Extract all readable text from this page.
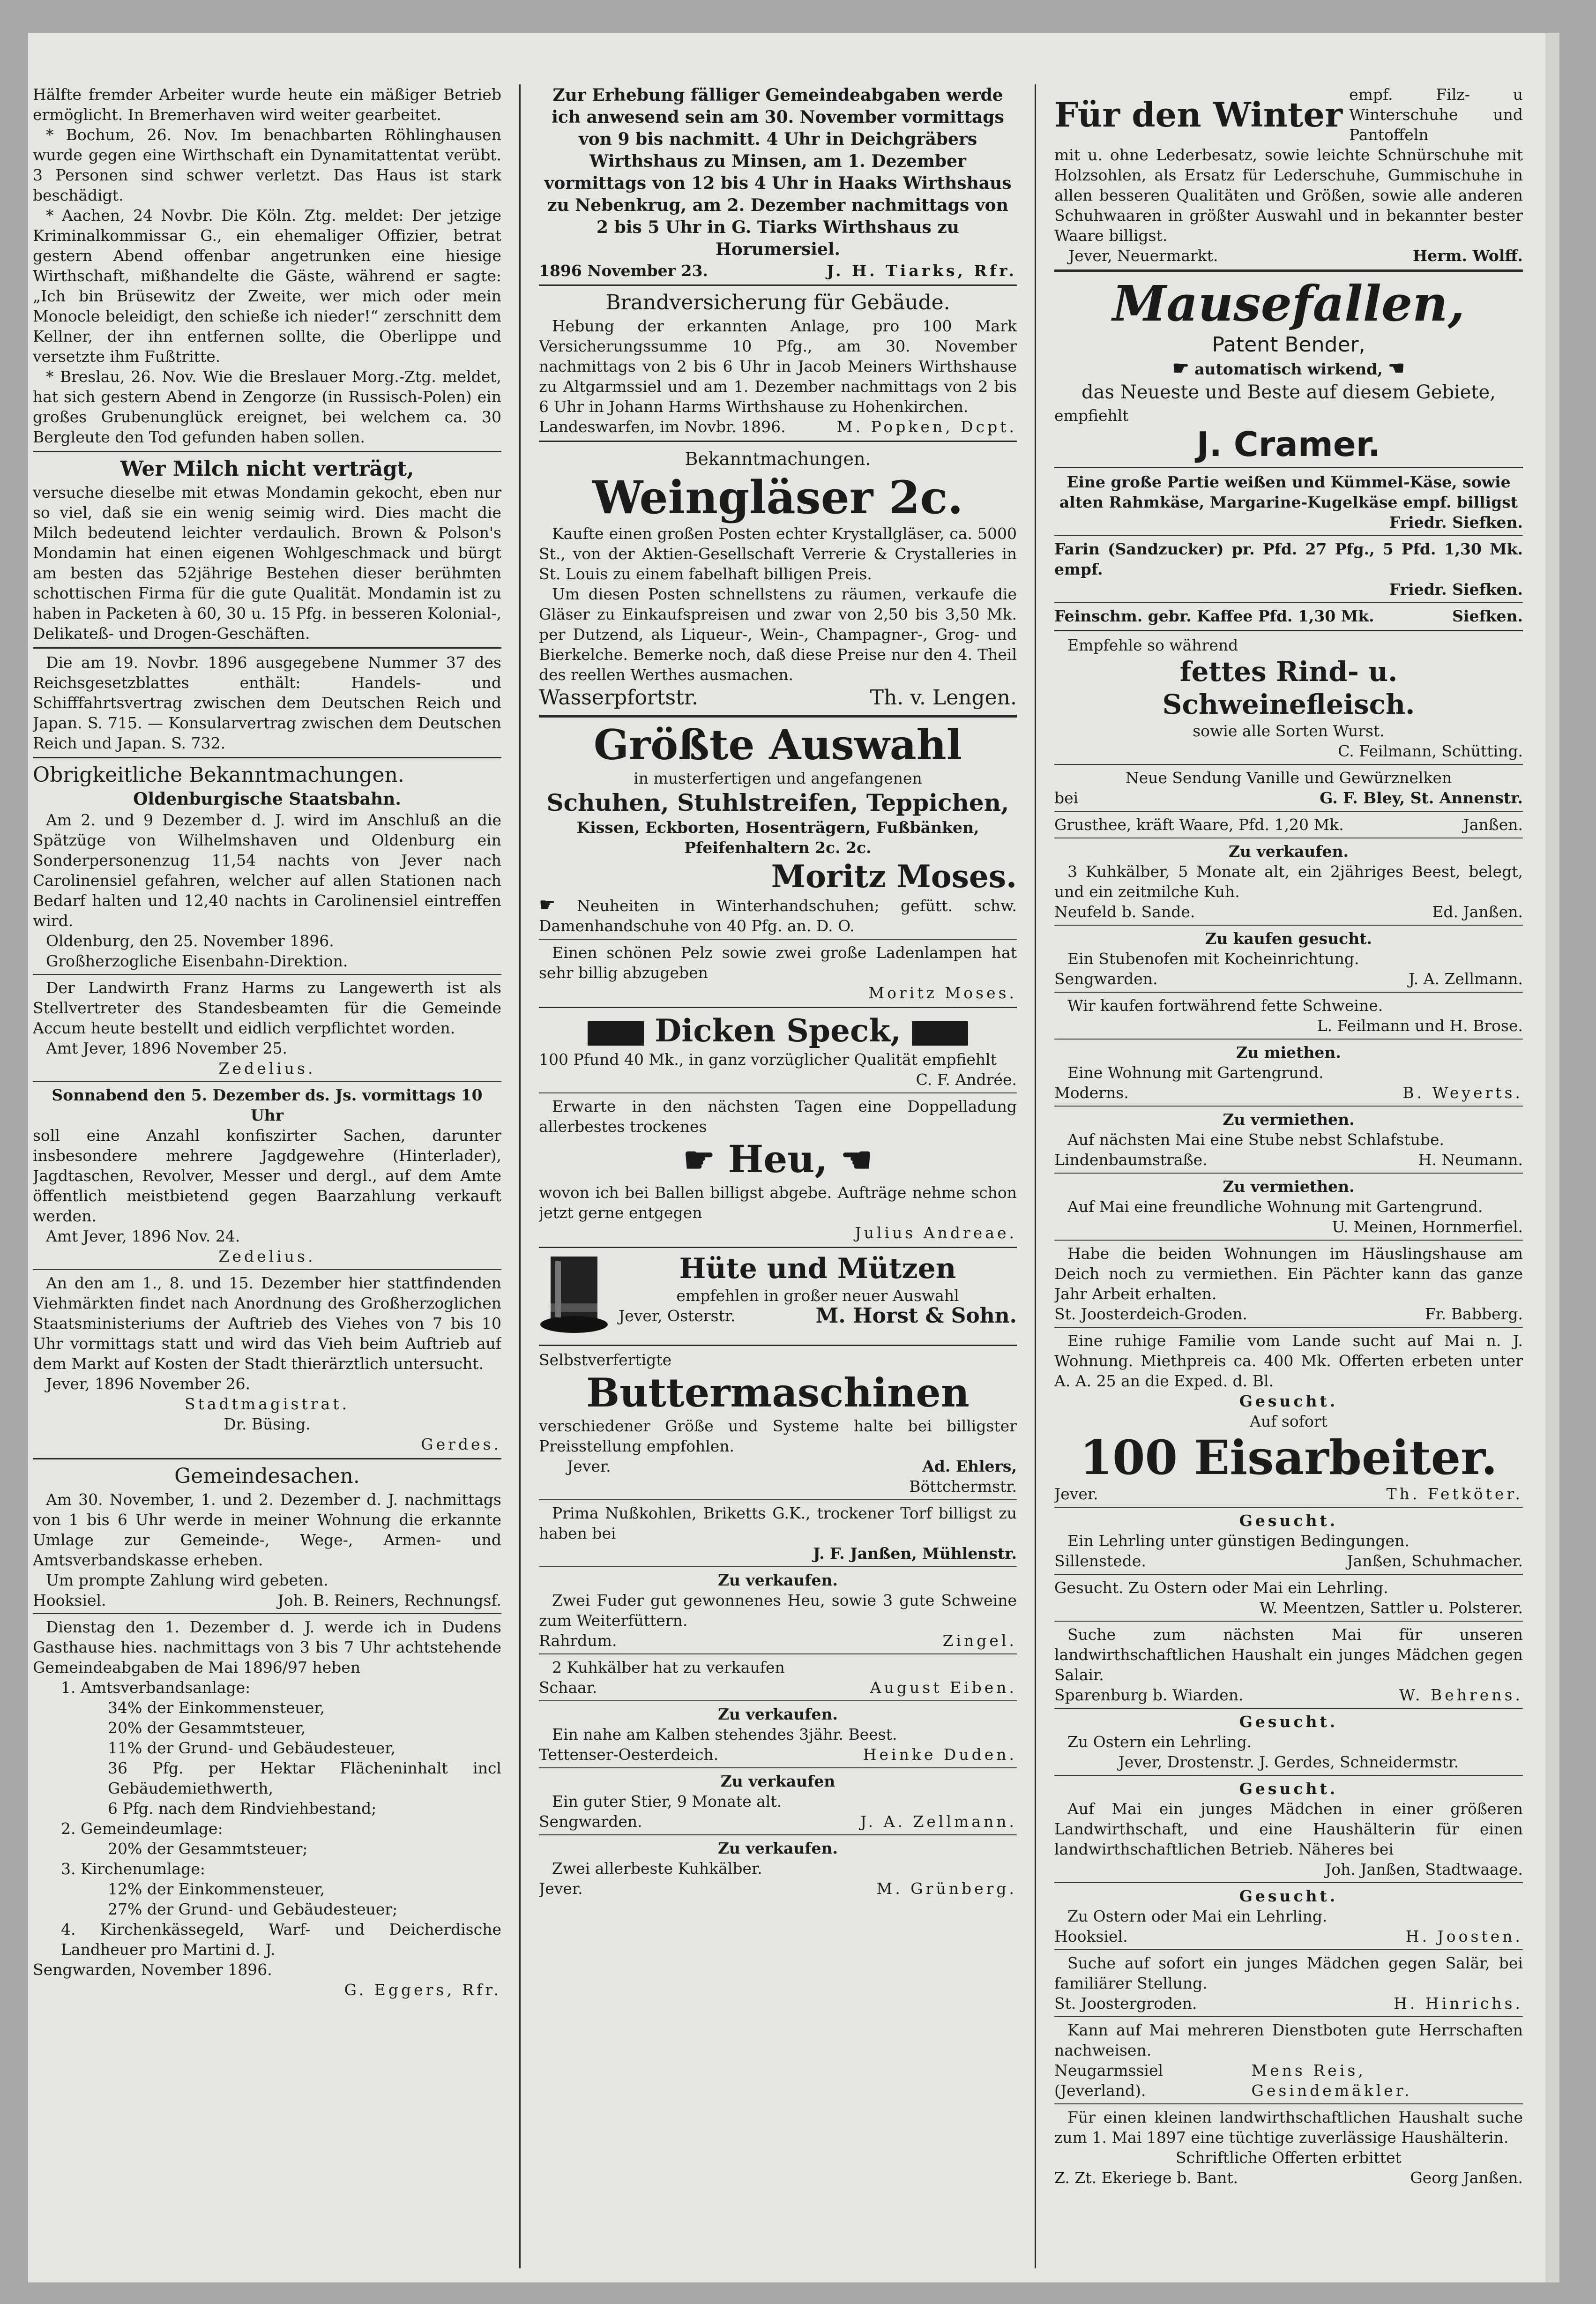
Hälfte fremder Arbeiter wurde heute ein mäßiger Betrieb ermöglicht. In Bremerhaven wird weiter gearbeitet.

* Bochum, 26. Nov. Im benachbarten Röhlinghausen wurde gegen eine Wirthschaft ein Dynamitattentat verübt. 3 Personen sind schwer verletzt. Das Haus ist stark beschädigt.

* Aachen, 24 Novbr. Die Köln. Ztg. meldet: Der jetzige Kriminalkommissar G., ein ehemaliger Offizier, betrat gestern Abend offenbar angetrunken eine hiesige Wirthschaft, mißhandelte die Gäste, während er sagte: „Ich bin Brüsewitz der Zweite, wer mich oder mein Monocle beleidigt, den schieße ich nieder!“ zerschnitt dem Kellner, der ihn entfernen sollte, die Oberlippe und versetzte ihm Fußtritte.

* Breslau, 26. Nov. Wie die Breslauer Morg.-Ztg. meldet, hat sich gestern Abend in Zengorze (in Russisch-Polen) ein großes Grubenunglück ereignet, bei welchem ca. 30 Bergleute den Tod gefunden haben sollen.

Wer Milch nicht verträgt,

versuche dieselbe mit etwas Mondamin gekocht, eben nur so viel, daß sie ein wenig seimig wird. Dies macht die Milch bedeutend leichter verdaulich. Brown & Polson's Mondamin hat einen eigenen Wohlgeschmack und bürgt am besten das 52jährige Bestehen dieser berühmten schottischen Firma für die gute Qualität. Mondamin ist zu haben in Packeten à 60, 30 u. 15 Pfg. in besseren Kolonial-, Delikateß- und Drogen-Geschäften.

Die am 19. Novbr. 1896 ausgegebene Nummer 37 des Reichsgesetzblattes enthält: Handels- und Schifffahrtsvertrag zwischen dem Deutschen Reich und Japan. S. 715. — Konsularvertrag zwischen dem Deutschen Reich und Japan. S. 732.

Obrigkeitliche Bekanntmachungen.

Oldenburgische Staatsbahn.

Am 2. und 9 Dezember d. J. wird im Anschluß an die Spätzüge von Wilhelmshaven und Oldenburg ein Sonderpersonenzug 11,54 nachts von Jever nach Carolinensiel gefahren, welcher auf allen Stationen nach Bedarf halten und 12,40 nachts in Carolinensiel eintreffen wird.

Oldenburg, den 25. November 1896.

Großherzogliche Eisenbahn-Direktion.

Der Landwirth Franz Harms zu Langewerth ist als Stellvertreter des Standesbeamten für die Gemeinde Accum heute bestellt und eidlich verpflichtet worden.

Amt Jever, 1896 November 25.

Zedelius.

Sonnabend den 5. Dezember ds. Js. vormittags 10 Uhr

soll eine Anzahl konfiszirter Sachen, darunter insbesondere mehrere Jagdgewehre (Hinterlader), Jagdtaschen, Revolver, Messer und dergl., auf dem Amte öffentlich meistbietend gegen Baarzahlung verkauft werden.

Amt Jever, 1896 Nov. 24.

Zedelius.

An den am 1., 8. und 15. Dezember hier stattfindenden Viehmärkten findet nach Anordnung des Großherzoglichen Staatsministeriums der Auftrieb des Viehes von 7 bis 10 Uhr vormittags statt und wird das Vieh beim Auftrieb auf dem Markt auf Kosten der Stadt thierärztlich untersucht.

Jever, 1896 November 26.

Stadtmagistrat.

Dr. Büsing.

Gerdes.

Gemeindesachen.

Am 30. November, 1. und 2. Dezember d. J. nachmittags von 1 bis 6 Uhr werde in meiner Wohnung die erkannte Umlage zur Gemeinde-, Wege-, Armen- und Amtsverbandskasse erheben.

Um prompte Zahlung wird gebeten.

Hooksiel.	Joh. B. Reiners, Rechnungsf.

Dienstag den 1. Dezember d. J. werde ich in Dudens Gasthause hies. nachmittags von 3 bis 7 Uhr achtstehende Gemeindeabgaben de Mai 1896/97 heben

1. Amtsverbandsanlage:

34% der Einkommensteuer,

20% der Gesammtsteuer,

11% der Grund- und Gebäudesteuer,

36 Pfg. per Hektar Flächeninhalt incl Gebäudemiethwerth,

6 Pfg. nach dem Rindviehbestand;

2. Gemeindeumlage:

20% der Gesammtsteuer;

3. Kirchenumlage:

12% der Einkommensteuer,

27% der Grund- und Gebäudesteuer;

4. Kirchenkässegeld, Warf- und Deicherdische Landheuer pro Martini d. J.

Sengwarden, November 1896.

G. Eggers, Rfr.

Zur Erhebung fälliger Gemeindeabgaben werde ich anwesend sein am 30. November vormittags von 9 bis nachmitt. 4 Uhr in Deichgräbers Wirthshaus zu Minsen, am 1. Dezember vormittags von 12 bis 4 Uhr in Haaks Wirthshaus zu Nebenkrug, am 2. Dezember nachmittags von 2 bis 5 Uhr in G. Tiarks Wirthshaus zu Horumersiel.

1896 November 23.	J. H. Tiarks, Rfr.

Brandversicherung für Gebäude.

Hebung der erkannten Anlage, pro 100 Mark Versicherungssumme 10 Pfg., am 30. November nachmittags von 2 bis 6 Uhr in Jacob Meiners Wirthshause zu Altgarmssiel und am 1. Dezember nachmittags von 2 bis 6 Uhr in Johann Harms Wirthshause zu Hohenkirchen.

Landeswarfen, im Novbr. 1896.	M. Popken, Dcpt.

Bekanntmachungen.

Weingläser 2c.

Kaufte einen großen Posten echter Krystallgläser, ca. 5000 St., von der Aktien-Gesellschaft Verrerie & Crystalleries in St. Louis zu einem fabelhaft billigen Preis.

Um diesen Posten schnellstens zu räumen, verkaufe die Gläser zu Einkaufspreisen und zwar von 2,50 bis 3,50 Mk. per Dutzend, als Liqueur-, Wein-, Champagner-, Grog- und Bierkelche. Bemerke noch, daß diese Preise nur den 4. Theil des reellen Werthes ausmachen.

Wasserpfortstr.	Th. v. Lengen.

Größte Auswahl

in musterfertigen und angefangenen

Schuhen, Stuhlstreifen, Teppichen,

Kissen, Eckborten, Hosenträgern, Fußbänken, Pfeifenhaltern 2c. 2c.

Moritz Moses.

☛ Neuheiten in Winterhandschuhen; gefütt. schw. Damenhandschuhe von 40 Pfg. an. D. O.

Einen schönen Pelz sowie zwei große Ladenlampen hat sehr billig abzugeben

Moritz Moses.

Dicken Speck,

100 Pfund 40 Mk., in ganz vorzüglicher Qualität empfiehlt

C. F. Andrée.

Erwarte in den nächsten Tagen eine Doppelladung allerbestes trockenes

☛ Heu, ☛

wovon ich bei Ballen billigst abgebe. Aufträge nehme schon jetzt gerne entgegen

Julius Andreae.

Hüte und Mützen

empfehlen in großer neuer Auswahl

Jever, Osterstr.	M. Horst & Sohn.

Selbstverfertigte

Buttermaschinen

verschiedener Größe und Systeme halte bei billigster Preisstellung empfohlen.

Jever.	Ad. Ehlers,

Böttchermstr.

Prima Nußkohlen, Briketts G.K., trockener Torf billigst zu haben bei

J. F. Janßen, Mühlenstr.

Zu verkaufen.

Zwei Fuder gut gewonnenes Heu, sowie 3 gute Schweine zum Weiterfüttern.

Rahrdum.	Zingel.

2 Kuhkälber hat zu verkaufen

Schaar.	August Eiben.

Zu verkaufen.

Ein nahe am Kalben stehendes 3jähr. Beest.

Tettenser-Oesterdeich.	Heinke Duden.

Zu verkaufen

Ein guter Stier, 9 Monate alt.

Sengwarden.	J. A. Zellmann.

Zu verkaufen.

Zwei allerbeste Kuhkälber.

Jever.	M. Grünberg.
Für den Winter empf. Filz- u Winterschuhe und Pantoffeln

mit u. ohne Lederbesatz, sowie leichte Schnürschuhe mit Holzsohlen, als Ersatz für Lederschuhe, Gummischuhe in allen besseren Qualitäten und Größen, sowie alle anderen Schuhwaaren in größter Auswahl und in bekannter bester Waare billigst.

Jever, Neuermarkt.	Herm. Wolff.

Mausefallen,

Patent Bender,

☛ automatisch wirkend, ☛

das Neueste und Beste auf diesem Gebiete,

empfiehlt

J. Cramer.

Eine große Partie weißen und Kümmel-Käse, sowie alten Rahmkäse, Margarine-Kugelkäse empf. billigst

Friedr. Siefken.

Farin (Sandzucker) pr. Pfd. 27 Pfg., 5 Pfd. 1,30 Mk. empf.

Friedr. Siefken.

Feinschm. gebr. Kaffee Pfd. 1,30 Mk.	Siefken.

Empfehle so während

fettes Rind- u. Schweinefleisch.

sowie alle Sorten Wurst.

C. Feilmann, Schütting.

Neue Sendung Vanille und Gewürznelken

bei	G. F. Bley, St. Annenstr.
Grusthee, kräft Waare, Pfd. 1,20 Mk.	Janßen.

Zu verkaufen.

3 Kuhkälber, 5 Monate alt, ein 2jähriges Beest, belegt, und ein zeitmilche Kuh.

Neufeld b. Sande.	Ed. Janßen.

Zu kaufen gesucht.

Ein Stubenofen mit Kocheinrichtung.

Sengwarden.	J. A. Zellmann.

Wir kaufen fortwährend fette Schweine.

L. Feilmann und H. Brose.

Zu miethen.

Eine Wohnung mit Gartengrund.

Moderns.	B. Weyerts.

Zu vermiethen.

Auf nächsten Mai eine Stube nebst Schlafstube.

Lindenbaumstraße.	H. Neumann.

Zu vermiethen.

Auf Mai eine freundliche Wohnung mit Gartengrund.

U. Meinen, Hornmerfiel.

Habe die beiden Wohnungen im Häuslingshause am Deich noch zu vermiethen. Ein Pächter kann das ganze Jahr Arbeit erhalten.

St. Joosterdeich-Groden.	Fr. Babberg.

Eine ruhige Familie vom Lande sucht auf Mai n. J. Wohnung. Miethpreis ca. 400 Mk. Offerten erbeten unter A. A. 25 an die Exped. d. Bl.

Gesucht.

Auf sofort

100 Eisarbeiter.

Jever.	Th. Fetköter.

Gesucht.

Ein Lehrling unter günstigen Bedingungen.

Sillenstede.	Janßen, Schuhmacher.

Gesucht. Zu Ostern oder Mai ein Lehrling.

W. Meentzen, Sattler u. Polsterer.

Suche zum nächsten Mai für unseren landwirthschaftlichen Haushalt ein junges Mädchen gegen Salair.

Sparenburg b. Wiarden.	W. Behrens.

Gesucht.

Zu Ostern ein Lehrling.

Jever, Drostenstr. J. Gerdes, Schneidermstr.

Gesucht.

Auf Mai ein junges Mädchen in einer größeren Landwirthschaft, und eine Haushälterin für einen landwirthschaftlichen Betrieb. Näheres bei

Joh. Janßen, Stadtwaage.

Gesucht.

Zu Ostern oder Mai ein Lehrling.

Hooksiel.	H. Joosten.

Suche auf sofort ein junges Mädchen gegen Salär, bei familiärer Stellung.

St. Joostergroden.	H. Hinrichs.

Kann auf Mai mehreren Dienstboten gute Herrschaften nachweisen.

Neugarmssiel (Jeverland).
Mens Reis, Gesindemäkler.

Für einen kleinen landwirthschaftlichen Haushalt suche zum 1. Mai 1897 eine tüchtige zuverlässige Haushälterin.

Schriftliche Offerten erbittet

Z. Zt. Ekeriege b. Bant.	Georg Janßen.
